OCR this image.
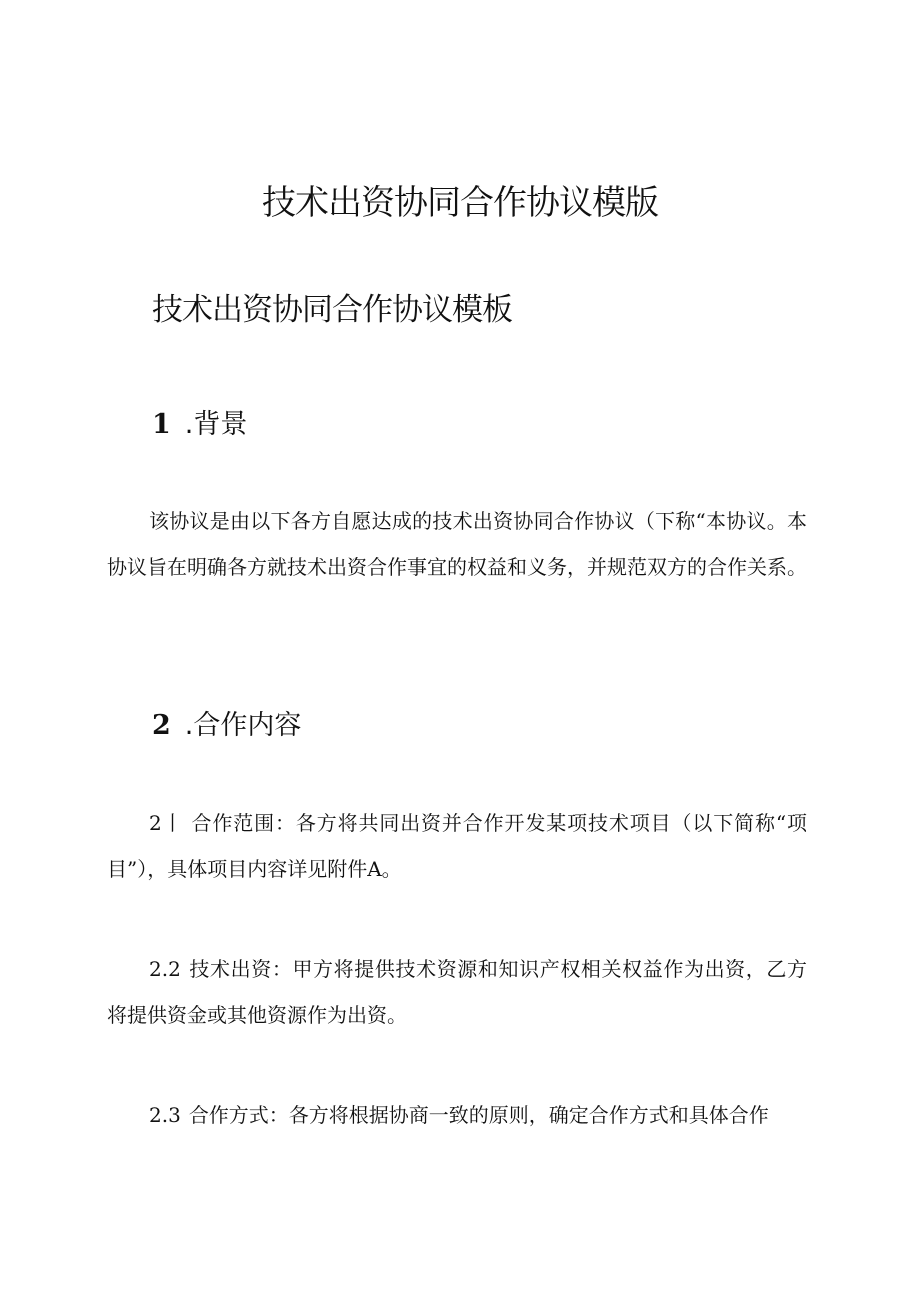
技术出资协同合作协议模版
技术出资协同合作协议模板
1 .背景

该协议是由以下各方自愿达成的技术出资协同合作协议（下称“本协议。本协议旨在明确各方就技术出资合作事宜的权益和义务，并规范双方的合作关系。

2 .合作内容

2丨 合作范围：各方将共同出资并合作开发某项技术项目（以下简称“项目”），具体项目内容详见附件A。

2.2 技术出资：甲方将提供技术资源和知识产权相关权益作为出资，乙方将提供资金或其他资源作为出资。

2.3 合作方式：各方将根据协商一致的原则，确定合作方式和具体合作
